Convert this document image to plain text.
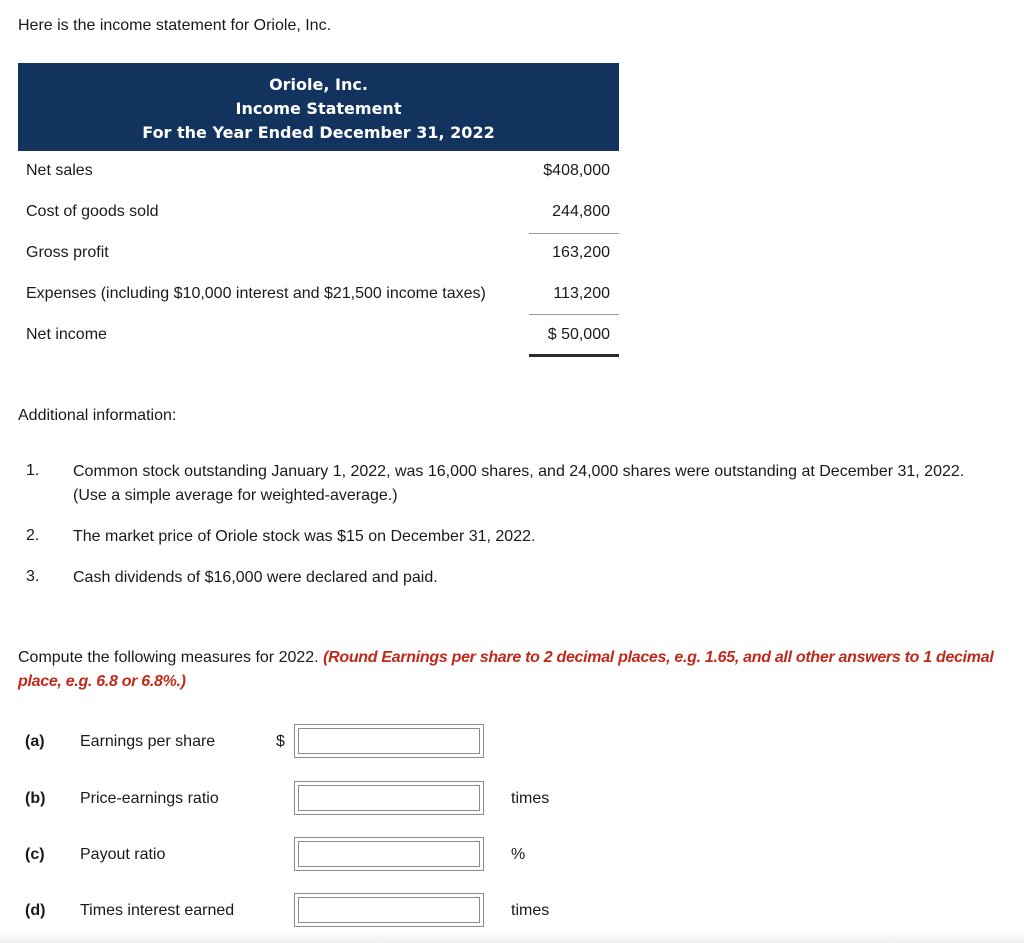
Here is the income statement for Oriole, Inc.
Oriole, Inc.
Income Statement
For the Year Ended December 31, 2022
Net sales	$408,000
Cost of goods sold	244,800
Gross profit	163,200
Expenses (including $10,000 interest and $21,500 income taxes)	113,200
Net income	$ 50,000
Additional information:
1. Common stock outstanding January 1, 2022, was 16,000 shares, and 24,000 shares were outstanding at December 31, 2022.
(Use a simple average for weighted-average.)
2. The market price of Oriole stock was $15 on December 31, 2022.
3. Cash dividends of $16,000 were declared and paid.
Compute the following measures for 2022. (Round Earnings per share to 2 decimal places, e.g. 1.65, and all other answers to 1 decimal place, e.g. 6.8 or 6.8%.)
(a) Earnings per share	$
(b) Price-earnings ratio	times
(c) Payout ratio	%
(d) Times interest earned	times
